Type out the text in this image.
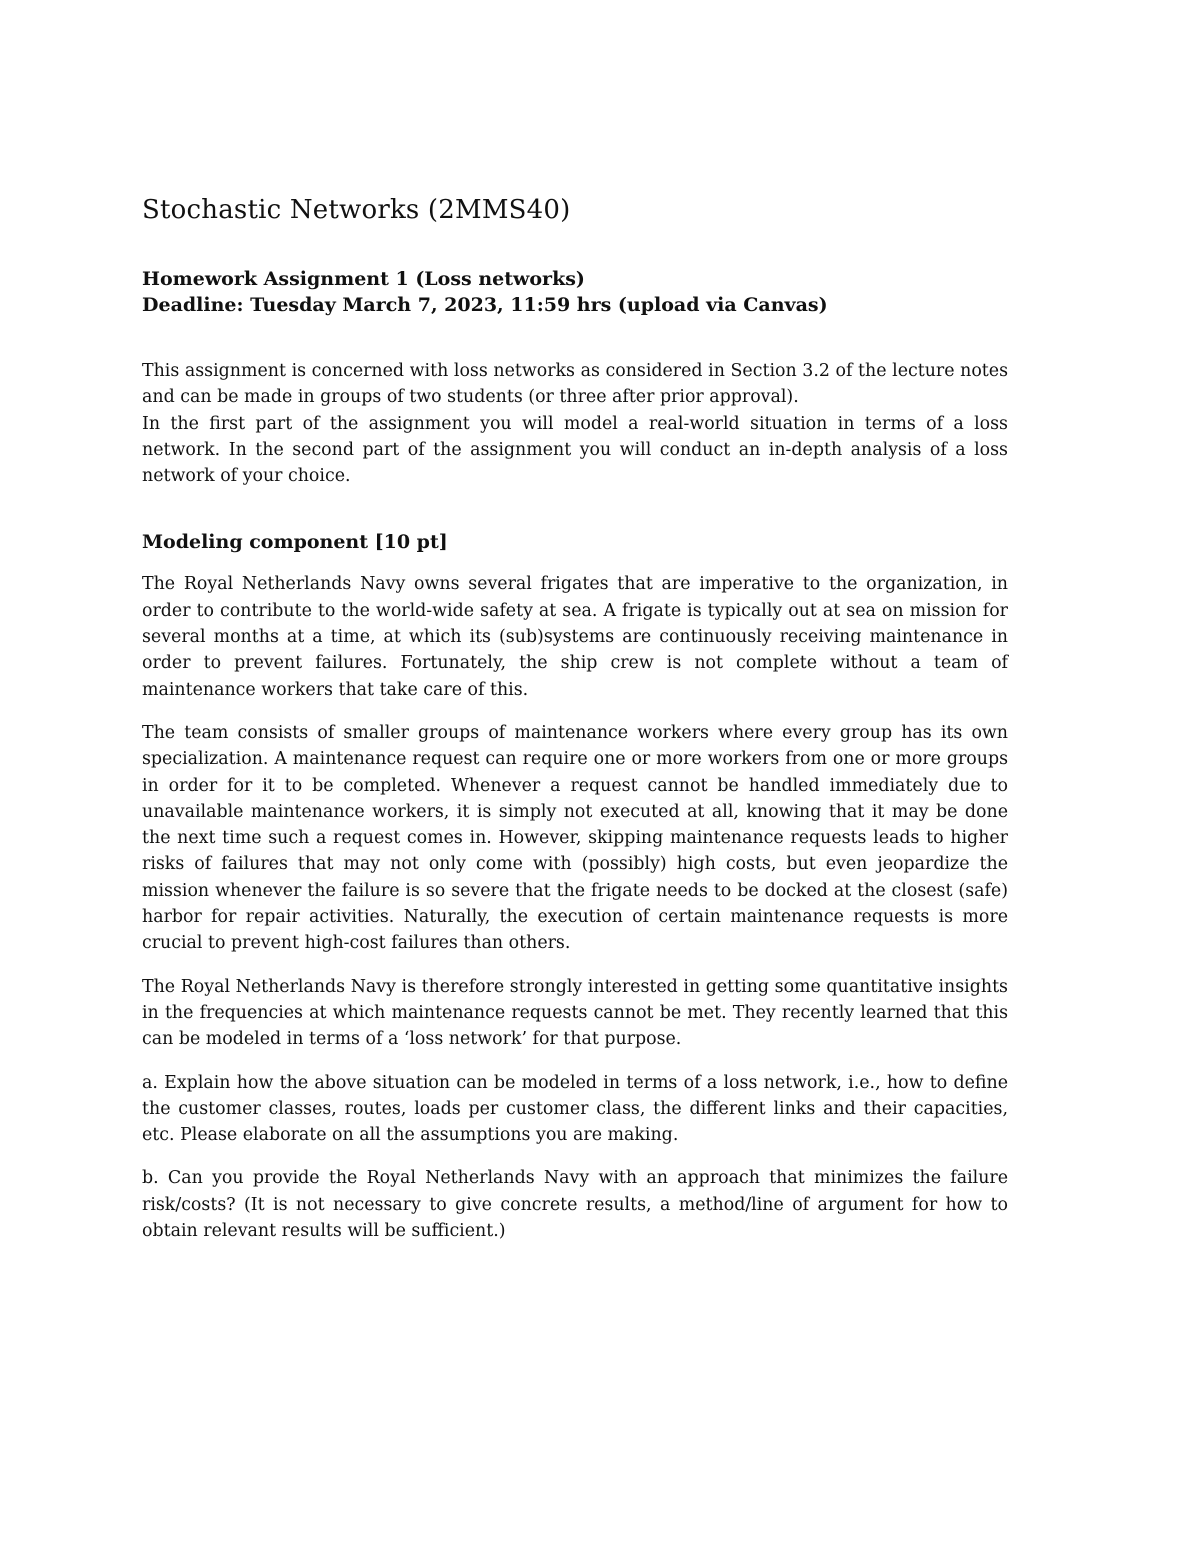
Stochastic Networks (2MMS40)

Homework Assignment 1 (Loss networks)

Deadline: Tuesday March 7, 2023, 11:59 hrs (upload via Canvas)

This assignment is concerned with loss networks as considered in Section 3.2 of the lecture notes and can be made in groups of two students (or three after prior approval).

In the first part of the assignment you will model a real-world situation in terms of a loss network. In the second part of the assignment you will conduct an in-depth analysis of a loss network of your choice.

Modeling component [10 pt]

The Royal Netherlands Navy owns several frigates that are imperative to the organization, in order to contribute to the world-wide safety at sea. A frigate is typically out at sea on mission for several months at a time, at which its (sub)systems are continuously receiving maintenance in order to prevent failures. Fortunately, the ship crew is not complete without a team of maintenance workers that take care of this.

The team consists of smaller groups of maintenance workers where every group has its own specialization. A maintenance request can require one or more workers from one or more groups in order for it to be completed. Whenever a request cannot be handled immediately due to unavailable maintenance workers, it is simply not executed at all, knowing that it may be done the next time such a request comes in. However, skipping maintenance requests leads to higher risks of failures that may not only come with (possibly) high costs, but even jeopardize the mission whenever the failure is so severe that the frigate needs to be docked at the closest (safe) harbor for repair activities. Naturally, the execution of certain maintenance requests is more crucial to prevent high-cost failures than others.

The Royal Netherlands Navy is therefore strongly interested in getting some quantitative insights in the frequencies at which maintenance requests cannot be met. They recently learned that this can be modeled in terms of a ‘loss network’ for that purpose.

a. Explain how the above situation can be modeled in terms of a loss network, i.e., how to define the customer classes, routes, loads per customer class, the different links and their capacities, etc. Please elaborate on all the assumptions you are making.

b. Can you provide the Royal Netherlands Navy with an approach that minimizes the failure risk/costs? (It is not necessary to give concrete results, a method/line of argument for how to obtain relevant results will be sufficient.)
